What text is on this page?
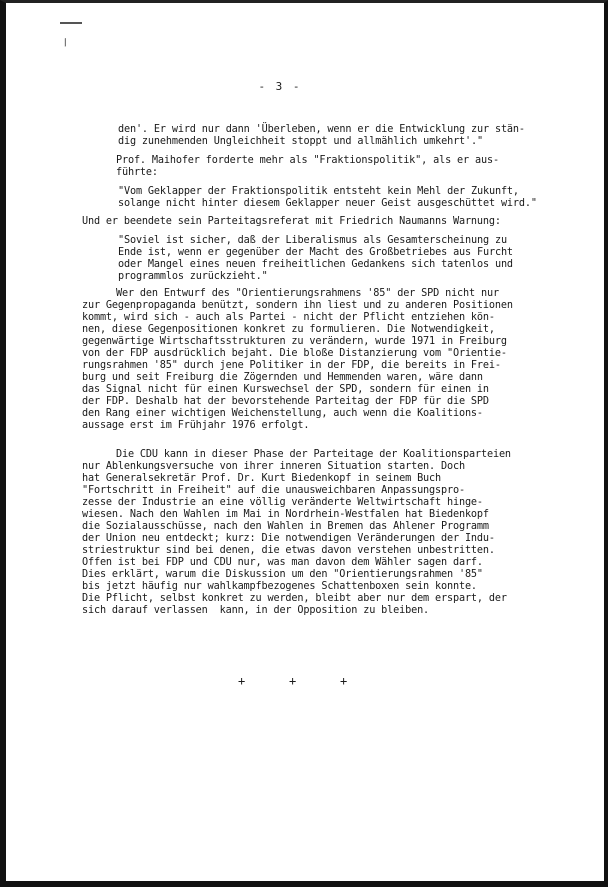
/
- 3 -
den'. Er wird nur dann 'Überleben, wenn er die Entwicklung zur stän-
dig zunehmenden Ungleichheit stoppt und allmählich umkehrt'."
Prof. Maihofer forderte mehr als "Fraktionspolitik", als er aus-
führte:
"Vom Geklapper der Fraktionspolitik entsteht kein Mehl der Zukunft,
solange nicht hinter diesem Geklapper neuer Geist ausgeschüttet wird."
Und er beendete sein Parteitagsreferat mit Friedrich Naumanns Warnung:
"Soviel ist sicher, daß der Liberalismus als Gesamterscheinung zu
Ende ist, wenn er gegenüber der Macht des Großbetriebes aus Furcht
oder Mangel eines neuen freiheitlichen Gedankens sich tatenlos und
programmlos zurückzieht."
Wer den Entwurf des "Orientierungsrahmens '85" der SPD nicht nur
zur Gegenpropaganda benützt, sondern ihn liest und zu anderen Positionen
kommt, wird sich - auch als Partei - nicht der Pflicht entziehen kön-
nen, diese Gegenpositionen konkret zu formulieren. Die Notwendigkeit,
gegenwärtige Wirtschaftsstrukturen zu verändern, wurde 1971 in Freiburg
von der FDP ausdrücklich bejaht. Die bloße Distanzierung vom "Orientie-
rungsrahmen '85" durch jene Politiker in der FDP, die bereits in Frei-
burg und seit Freiburg die Zögernden und Hemmenden waren, wäre dann
das Signal nicht für einen Kurswechsel der SPD, sondern für einen in
der FDP. Deshalb hat der bevorstehende Parteitag der FDP für die SPD
den Rang einer wichtigen Weichenstellung, auch wenn die Koalitions-
aussage erst im Frühjahr 1976 erfolgt.
Die CDU kann in dieser Phase der Parteitage der Koalitionsparteien
nur Ablenkungsversuche von ihrer inneren Situation starten. Doch
hat Generalsekretär Prof. Dr. Kurt Biedenkopf in seinem Buch
"Fortschritt in Freiheit" auf die unausweichbaren Anpassungspro-
zesse der Industrie an eine völlig veränderte Weltwirtschaft hinge-
wiesen. Nach den Wahlen im Mai in Nordrhein-Westfalen hat Biedenkopf
die Sozialausschüsse, nach den Wahlen in Bremen das Ahlener Programm
der Union neu entdeckt; kurz: Die notwendigen Veränderungen der Indu-
striestruktur sind bei denen, die etwas davon verstehen unbestritten.
Offen ist bei FDP und CDU nur, was man davon dem Wähler sagen darf.
Dies erklärt, warum die Diskussion um den "Orientierungsrahmen '85"
bis jetzt häufig nur wahlkampfbezogenes Schattenboxen sein konnte.
Die Pflicht, selbst konkret zu werden, bleibt aber nur dem erspart, der
sich darauf verlassen  kann, in der Opposition zu bleiben.
+	+	+
